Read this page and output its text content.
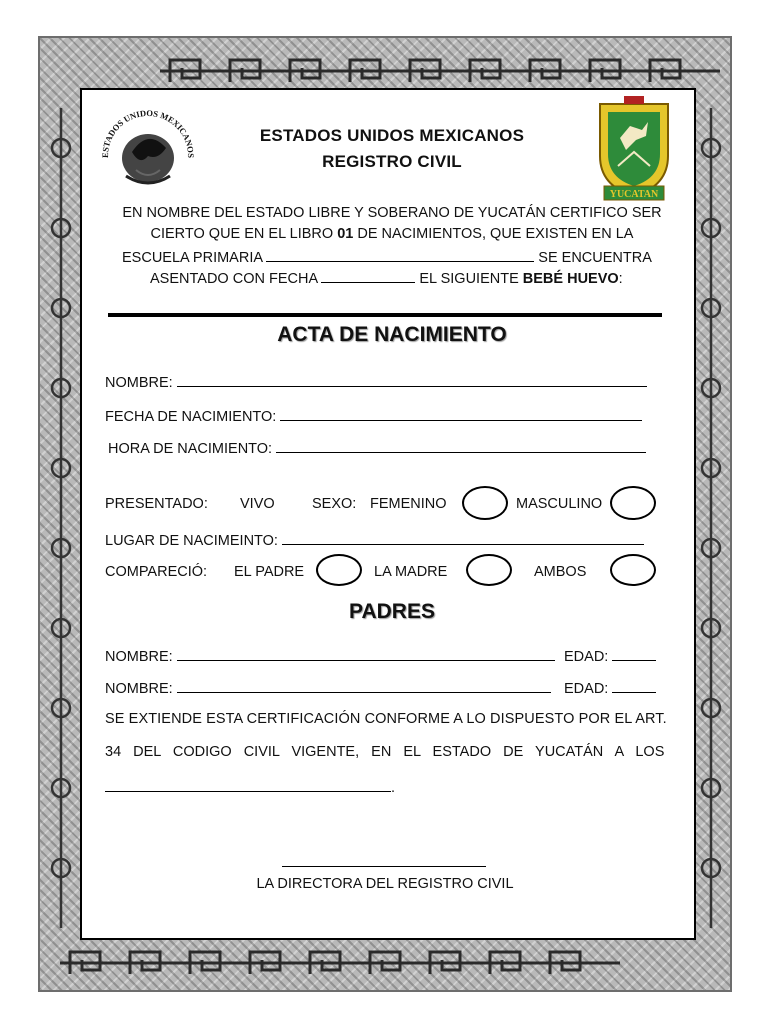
ESTADOS UNIDOS MEXICANOS
ESTADOS UNIDOS MEXICANOS
REGISTRO CIVIL
YUCATAN
EN NOMBRE DEL ESTADO LIBRE Y SOBERANO DE YUCATÁN CERTIFICO SER
CIERTO QUE EN EL LIBRO 01 DE NACIMIENTOS, QUE EXISTEN EN LA
ESCUELA PRIMARIA	SE ENCUENTRA
ASENTADO CON FECHA	EL SIGUIENTE BEBÉ HUEVO:
ACTA DE NACIMIENTO
NOMBRE:
FECHA DE NACIMIENTO:
HORA DE NACIMIENTO:
PRESENTADO: VIVO	SEXO: FEMENINO	MASCULINO
LUGAR DE NACIMEINTO:
COMPARECIÓ: EL PADRE	LA MADRE	AMBOS
PADRES
NOMBRE:	EDAD:
NOMBRE:	EDAD:
SE EXTIENDE ESTA CERTIFICACIÓN CONFORME A LO DISPUESTO POR EL ART.
34 DEL CODIGO CIVIL VIGENTE, EN EL ESTADO DE YUCATÁN A LOS
.
LA DIRECTORA DEL REGISTRO CIVIL
